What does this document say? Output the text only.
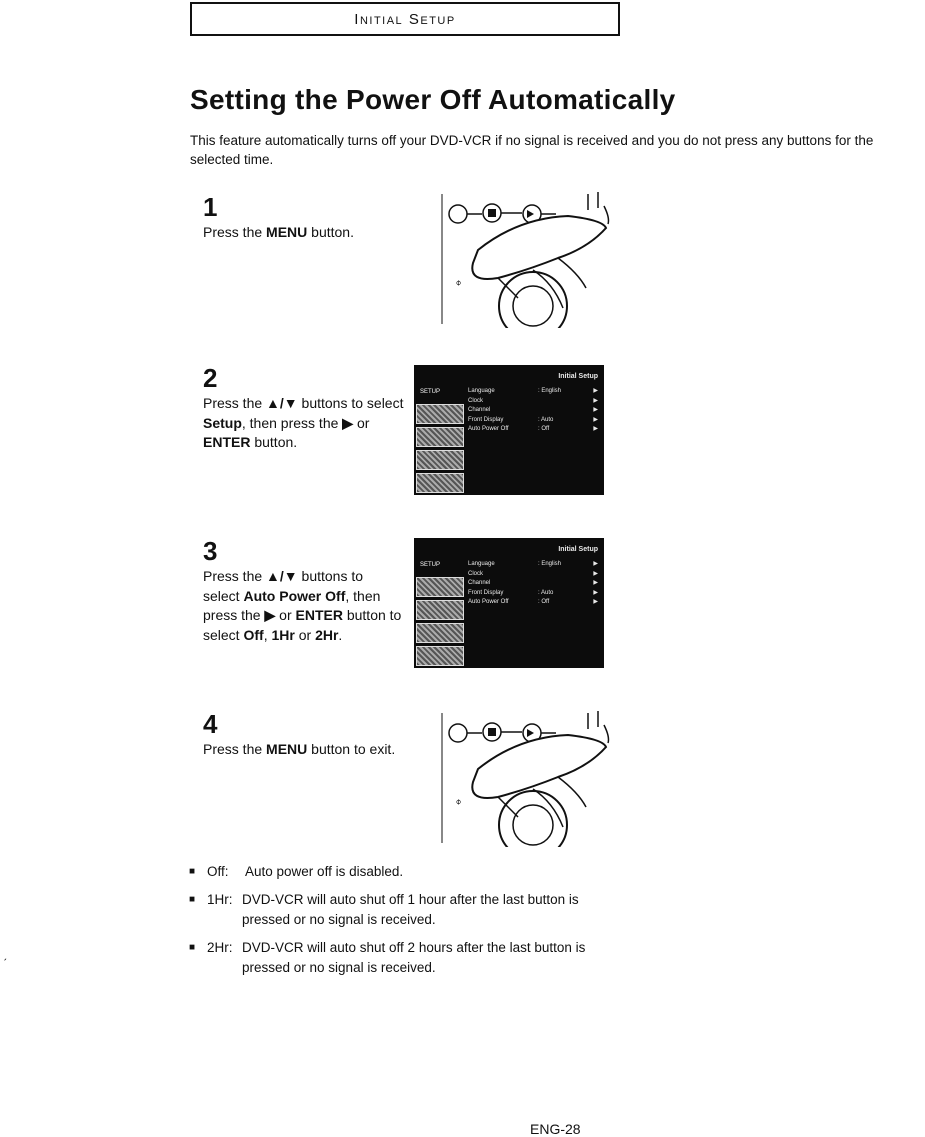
Initial Setup
Setting the Power Off Automatically

This feature automatically turns off your DVD-VCR if no signal is received and you do not press any buttons for the selected time.

1
Press the MENU button.
2
Press the ▲/▼ buttons to select Setup, then press the ▶ or ENTER button.
3
Press the ▲/▼ buttons to select Auto Power Off, then press the ▶ or ENTER button to select Off, 1Hr or 2Hr.
4
Press the MENU button to exit.
⌀
Initial Setup
SETUP	Language	: English	▶
Clock	▶
Channel	▶
Front Display	: Auto	▶
Auto Power Off	: Off	▶
Initial Setup
SETUP	Language	: English	▶
Clock	▶
Channel	▶
Front Display	: Auto	▶
Auto Power Off	: Off	▶
⌀
■ Off: Auto power off is disabled.
■ 1Hr: DVD-VCR will auto shut off 1 hour after the last button is pressed or no signal is received.
■ 2Hr: DVD-VCR will auto shut off 2 hours after the last button is pressed or no signal is received.
ˏ
ENG-28
